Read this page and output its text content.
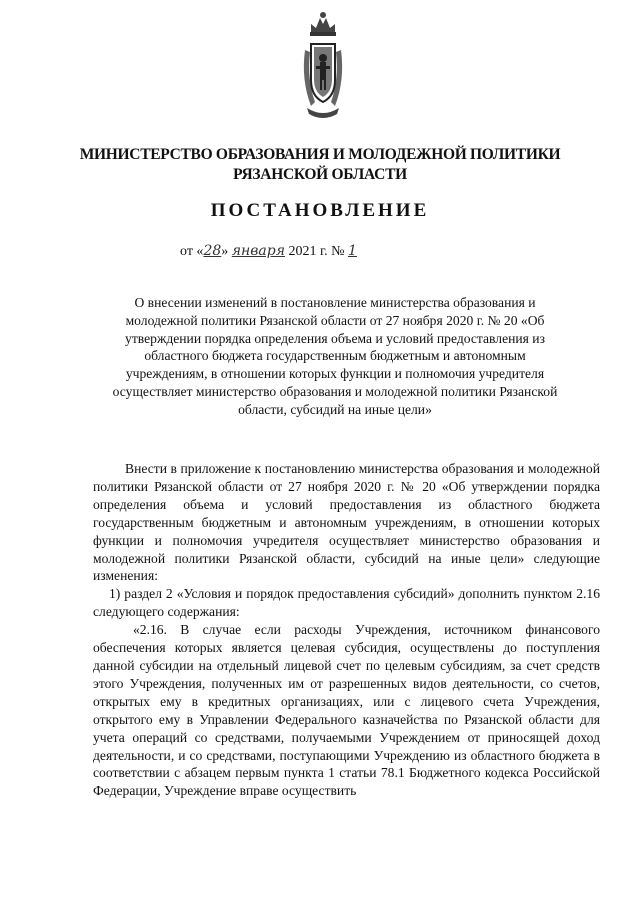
МИНИСТЕРСТВО ОБРАЗОВАНИЯ И МОЛОДЕЖНОЙ ПОЛИТИКИ
РЯЗАНСКОЙ ОБЛАСТИ
ПОСТАНОВЛЕНИЕ
от «28» января 2021 г. № 1
О внесении изменений в постановление министерства образования и молодежной политики Рязанской области от 27 ноября 2020 г. № 20 «Об утверждении порядка определения объема и условий предоставления из областного бюджета государственным бюджетным и автономным учреждениям, в отношении которых функции и полномочия учредителя осуществляет министерство образования и молодежной политики Рязанской области, субсидий на иные цели»

Внести в приложение к постановлению министерства образования и молодежной политики Рязанской области от 27 ноября 2020 г. № 20 «Об утверждении порядка определения объема и условий предоставления из областного бюджета государственным бюджетным и автономным учреждениям, в отношении которых функции и полномочия учредителя осуществляет министерство образования и молодежной политики Рязанской области, субсидий на иные цели» следующие изменения:

1) раздел 2 «Условия и порядок предоставления субсидий» дополнить пунктом 2.16 следующего содержания:

«2.16. В случае если расходы Учреждения, источником финансового обеспечения которых является целевая субсидия, осуществлены до поступления данной субсидии на отдельный лицевой счет по целевым субсидиям, за счет средств этого Учреждения, полученных им от разрешенных видов деятельности, со счетов, открытых ему в кредитных организациях, или с лицевого счета Учреждения, открытого ему в Управлении Федерального казначейства по Рязанской области для учета операций со средствами, получаемыми Учреждением от приносящей доход деятельности, и со средствами, поступающими Учреждению из областного бюджета в соответствии с абзацем первым пункта 1 статьи 78.1 Бюджетного кодекса Российской Федерации, Учреждение вправе осуществить
